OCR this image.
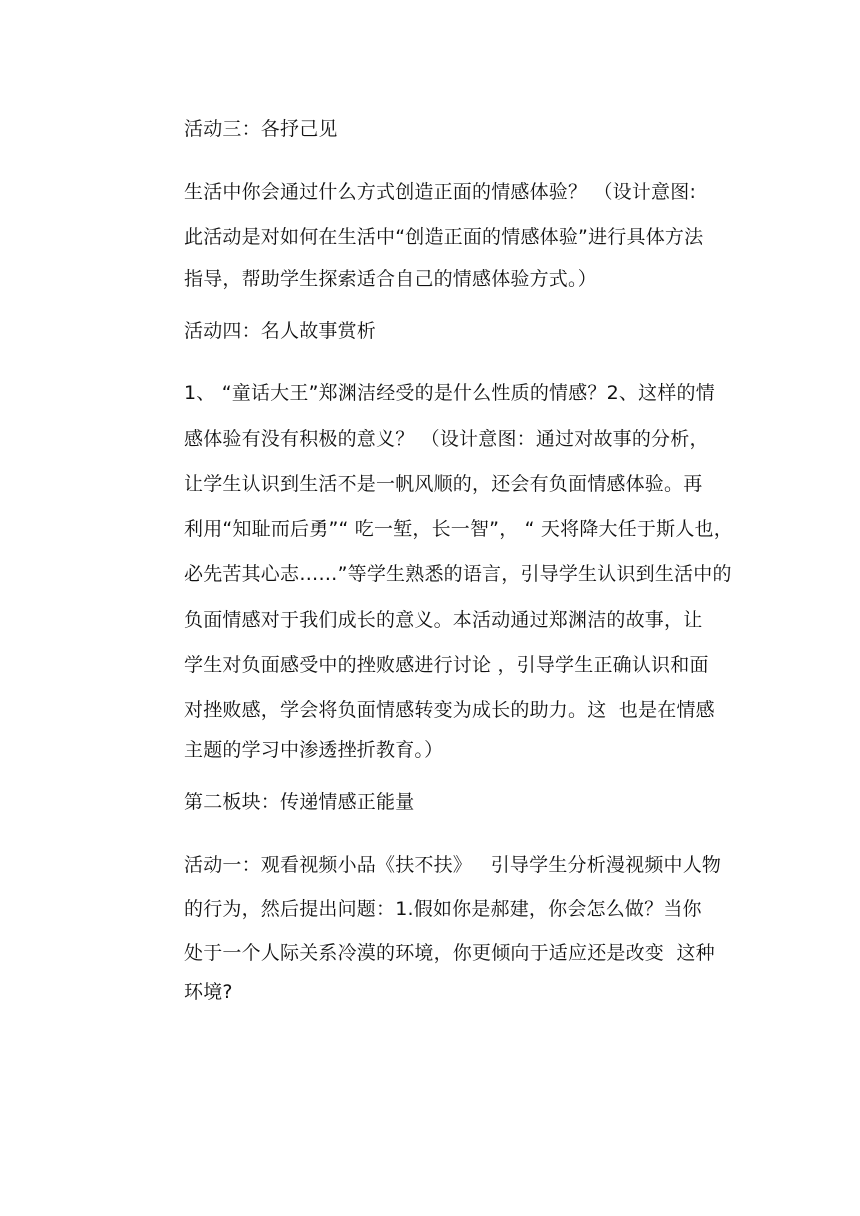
活动三：各抒己见
生活中你会通过什么方式创造正面的情感体验？ （设计意图:
此活动是对如何在生活中“创造正面的情感体验”进行具体方法
指导，帮助学生探索适合自己的情感体验方式。）
活动四：名人故事赏析
1、 “童话大王”郑渊洁经受的是什么性质的情感？2、这样的情
感体验有没有积极的意义？ （设计意图：通过对故事的分析，
让学生认识到生活不是一帆风顺的，还会有负面情感体验。再
利用“知耻而后勇”“ 吃一堑，长一智”， “ 天将降大任于斯人也，
必先苦其心志……”等学生熟悉的语言，引导学生认识到生活中的
负面情感对于我们成长的意义。本活动通过郑渊洁的故事，让
学生对负面感受中的挫败感进行讨论 ，引导学生正确认识和面
对挫败感，学会将负面情感转变为成长的助力。这  也是在情感
主题的学习中渗透挫折教育。）
第二板块：传递情感正能量
活动一：观看视频小品《扶不扶》   引导学生分析漫视频中人物
的行为，然后提出问题：1.假如你是郝建，你会怎么做？当你
处于一个人际关系冷漠的环境，你更倾向于适应还是改变  这种
环境?
